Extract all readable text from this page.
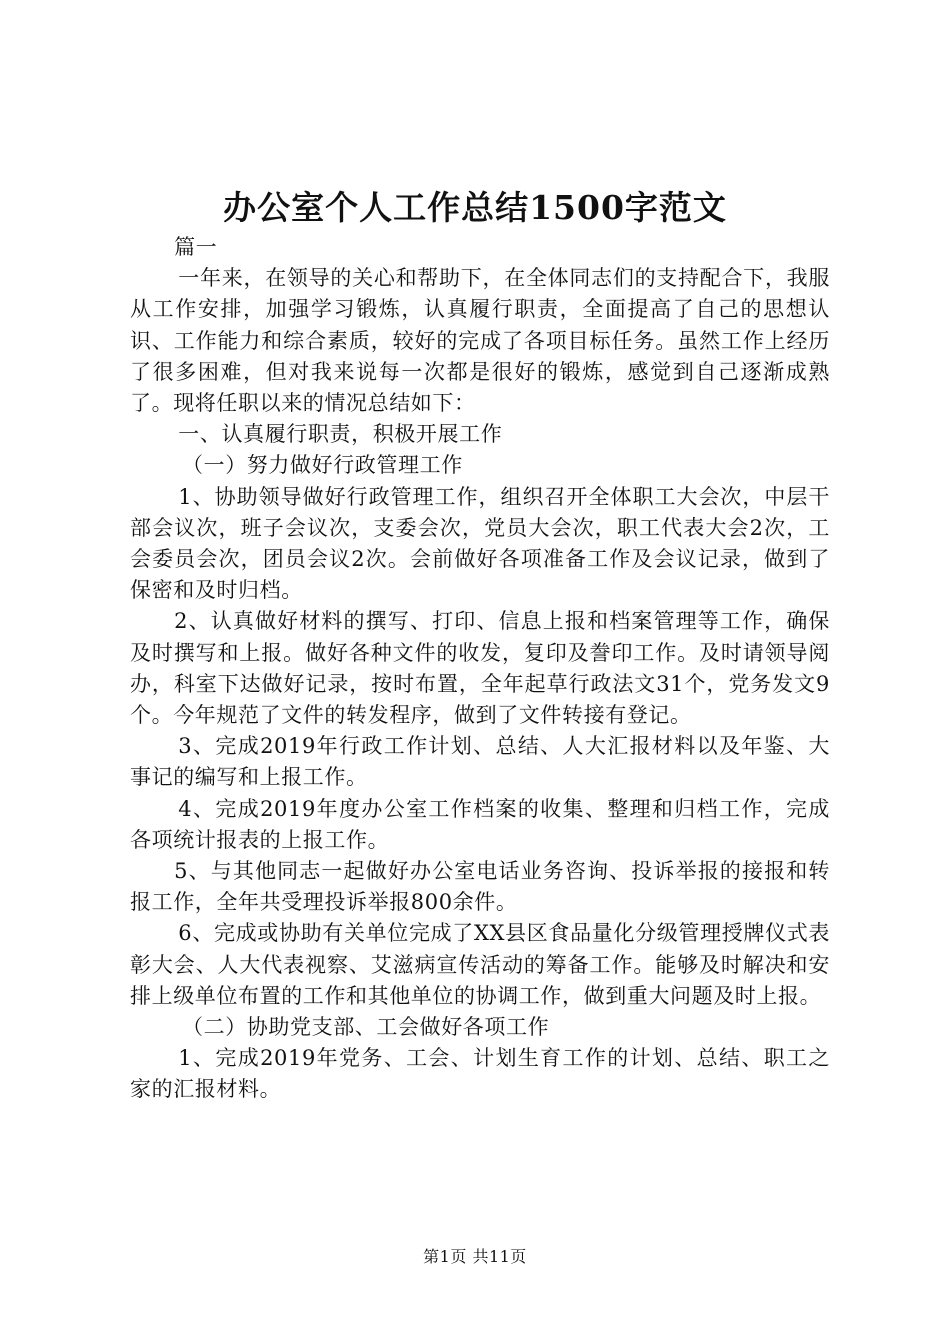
办公室个人工作总结1500字范文

篇一

一年来，在领导的关心和帮助下，在全体同志们的支持配合下，我服从工作安排，加强学习锻炼，认真履行职责，全面提高了自己的思想认识、工作能力和综合素质，较好的完成了各项目标任务。虽然工作上经历了很多困难，但对我来说每一次都是很好的锻炼，感觉到自己逐渐成熟了。现将任职以来的情况总结如下：

一、认真履行职责，积极开展工作

（一）努力做好行政管理工作

1、协助领导做好行政管理工作，组织召开全体职工大会次，中层干部会议次，班子会议次，支委会次，党员大会次，职工代表大会2次，工会委员会次，团员会议2次。会前做好各项准备工作及会议记录，做到了保密和及时归档。

2、认真做好材料的撰写、打印、信息上报和档案管理等工作，确保及时撰写和上报。做好各种文件的收发，复印及誊印工作。及时请领导阅办，科室下达做好记录，按时布置，全年起草行政法文31个，党务发文9个。今年规范了文件的转发程序，做到了文件转接有登记。

3、完成2019年行政工作计划、总结、人大汇报材料以及年鉴、大事记的编写和上报工作。

4、完成2019年度办公室工作档案的收集、整理和归档工作，完成各项统计报表的上报工作。

5、与其他同志一起做好办公室电话业务咨询、投诉举报的接报和转报工作，全年共受理投诉举报800余件。

6、完成或协助有关单位完成了XX县区食品量化分级管理授牌仪式表彰大会、人大代表视察、艾滋病宣传活动的筹备工作。能够及时解决和安排上级单位布置的工作和其他单位的协调工作，做到重大问题及时上报。

（二）协助党支部、工会做好各项工作

1、完成2019年党务、工会、计划生育工作的计划、总结、职工之家的汇报材料。

第1页 共11页
